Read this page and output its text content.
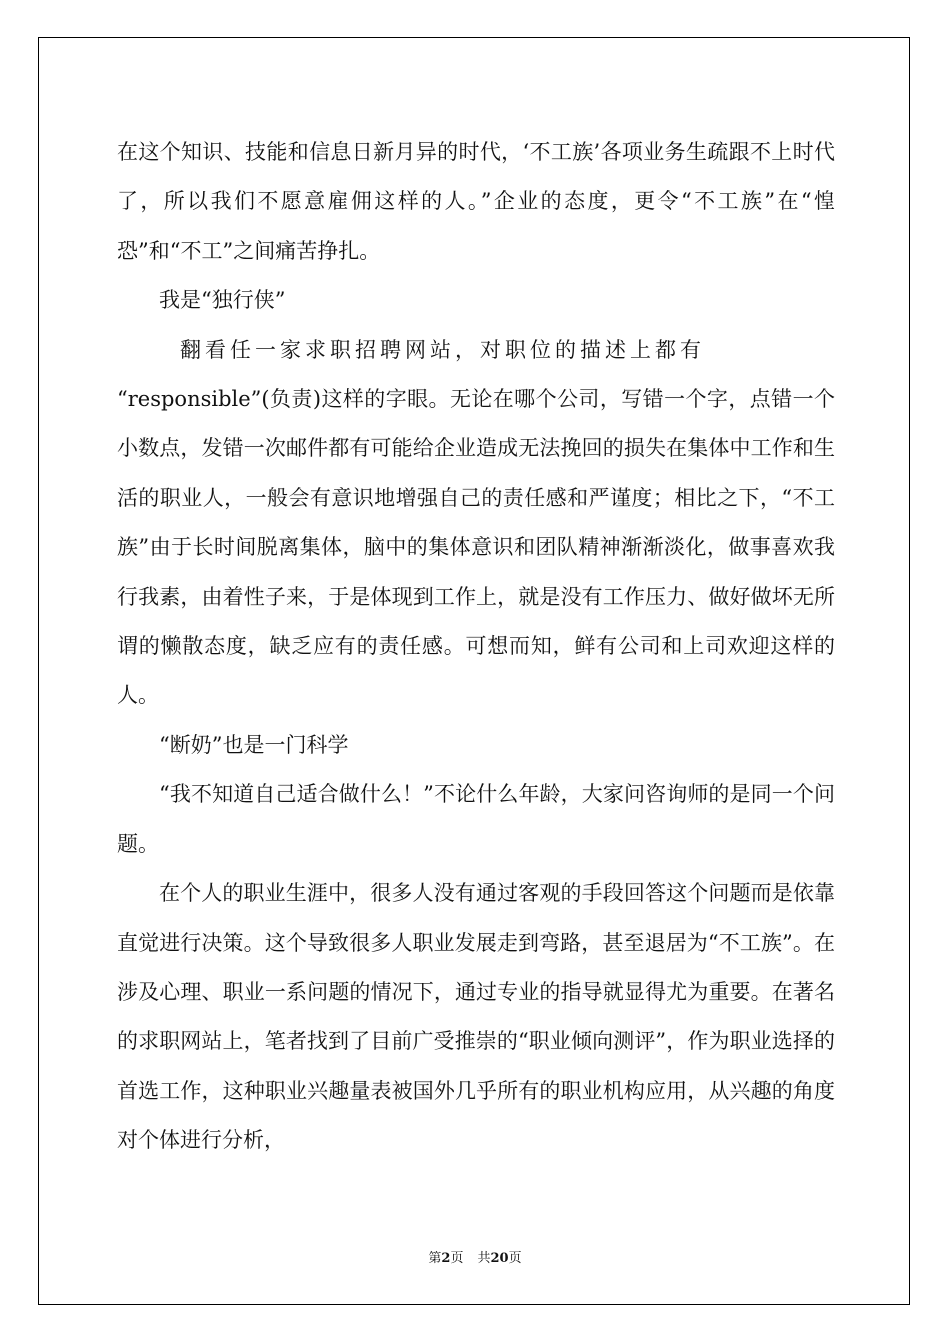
在这个知识、技能和信息日新月异的时代，‘不工族’各项业务生疏跟不上时代了，所以我们不愿意雇佣这样的人。”企业的态度，更令“不工族”在“惶恐”和“不工”之间痛苦挣扎。

我是“独行侠”

翻看任一家求职招聘网站，对职位的描述上都有

“responsible”(负责)这样的字眼。无论在哪个公司，写错一个字，点错一个小数点，发错一次邮件都有可能给企业造成无法挽回的损失在集体中工作和生活的职业人，一般会有意识地增强自己的责任感和严谨度；相比之下，“不工族”由于长时间脱离集体，脑中的集体意识和团队精神渐渐淡化，做事喜欢我行我素，由着性子来，于是体现到工作上，就是没有工作压力、做好做坏无所谓的懒散态度，缺乏应有的责任感。可想而知，鲜有公司和上司欢迎这样的人。

“断奶”也是一门科学

“我不知道自己适合做什么！”不论什么年龄，大家问咨询师的是同一个问题。

在个人的职业生涯中，很多人没有通过客观的手段回答这个问题而是依靠直觉进行决策。这个导致很多人职业发展走到弯路，甚至退居为“不工族”。在涉及心理、职业一系问题的情况下，通过专业的指导就显得尤为重要。在著名的求职网站上，笔者找到了目前广受推崇的“职业倾向测评”，作为职业选择的首选工作，这种职业兴趣量表被国外几乎所有的职业机构应用，从兴趣的角度对个体进行分析，

第2页 共20页
